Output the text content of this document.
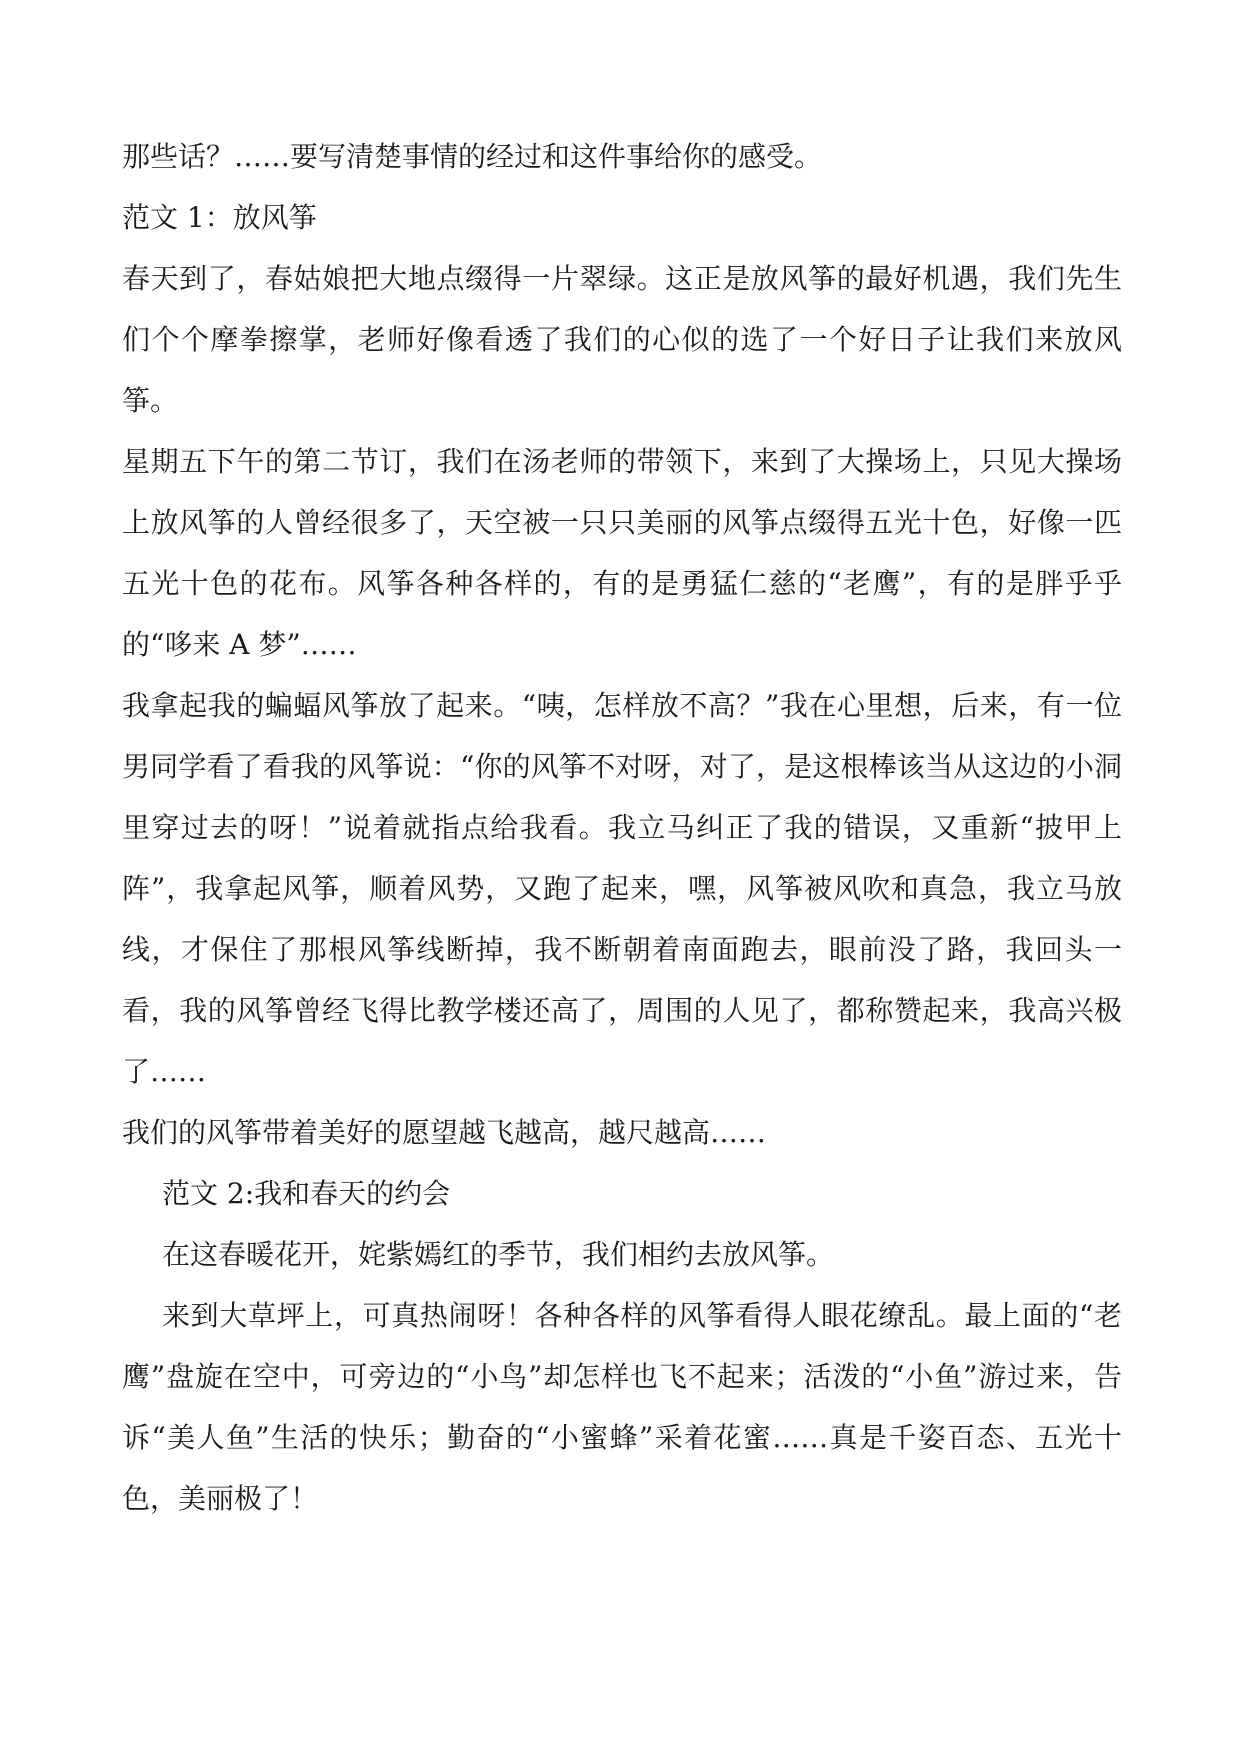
那些话？……要写清楚事情的经过和这件事给你的感受。

范文 1：放风筝

春天到了，春姑娘把大地点缀得一片翠绿。这正是放风筝的最好机遇，我们先生们个个摩拳擦掌，老师好像看透了我们的心似的选了一个好日子让我们来放风筝。

星期五下午的第二节订，我们在汤老师的带领下，来到了大操场上，只见大操场上放风筝的人曾经很多了，天空被一只只美丽的风筝点缀得五光十色，好像一匹五光十色的花布。风筝各种各样的，有的是勇猛仁慈的“老鹰”，有的是胖乎乎的“哆来 A 梦”……

我拿起我的蝙蝠风筝放了起来。“咦，怎样放不高？”我在心里想，后来，有一位男同学看了看我的风筝说：“你的风筝不对呀，对了，是这根棒该当从这边的小洞里穿过去的呀！”说着就指点给我看。我立马纠正了我的错误，又重新“披甲上阵”，我拿起风筝，顺着风势，又跑了起来，嘿，风筝被风吹和真急，我立马放线，才保住了那根风筝线断掉，我不断朝着南面跑去，眼前没了路，我回头一看，我的风筝曾经飞得比教学楼还高了，周围的人见了，都称赞起来，我高兴极了……

我们的风筝带着美好的愿望越飞越高，越尺越高……

范文 2:我和春天的约会

在这春暖花开，姹紫嫣红的季节，我们相约去放风筝。

来到大草坪上，可真热闹呀！各种各样的风筝看得人眼花缭乱。最上面的“老鹰”盘旋在空中，可旁边的“小鸟”却怎样也飞不起来；活泼的“小鱼”游过来，告诉“美人鱼”生活的快乐；勤奋的“小蜜蜂”采着花蜜……真是千姿百态、五光十色，美丽极了！
